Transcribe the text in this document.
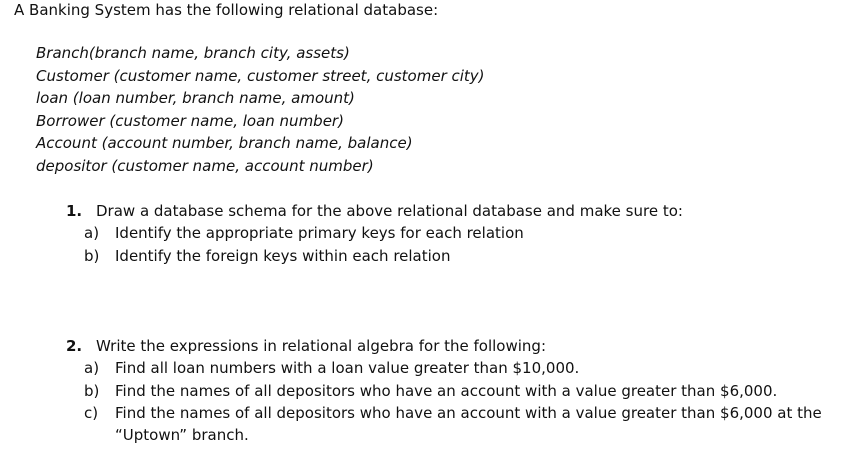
A Banking System has the following relational database:
Branch(branch name, branch city, assets)
Customer (customer name, customer street, customer city)
loan (loan number, branch name, amount)
Borrower (customer name, loan number)
Account (account number, branch name, balance)
depositor (customer name, account number)
1. Draw a database schema for the above relational database and make sure to:
a) Identify the appropriate primary keys for each relation
b) Identify the foreign keys within each relation
2. Write the expressions in relational algebra for the following:
a) Find all loan numbers with a loan value greater than $10,000.
b) Find the names of all depositors who have an account with a value greater than $6,000.
c) Find the names of all depositors who have an account with a value greater than $6,000 at the
“Uptown” branch.
